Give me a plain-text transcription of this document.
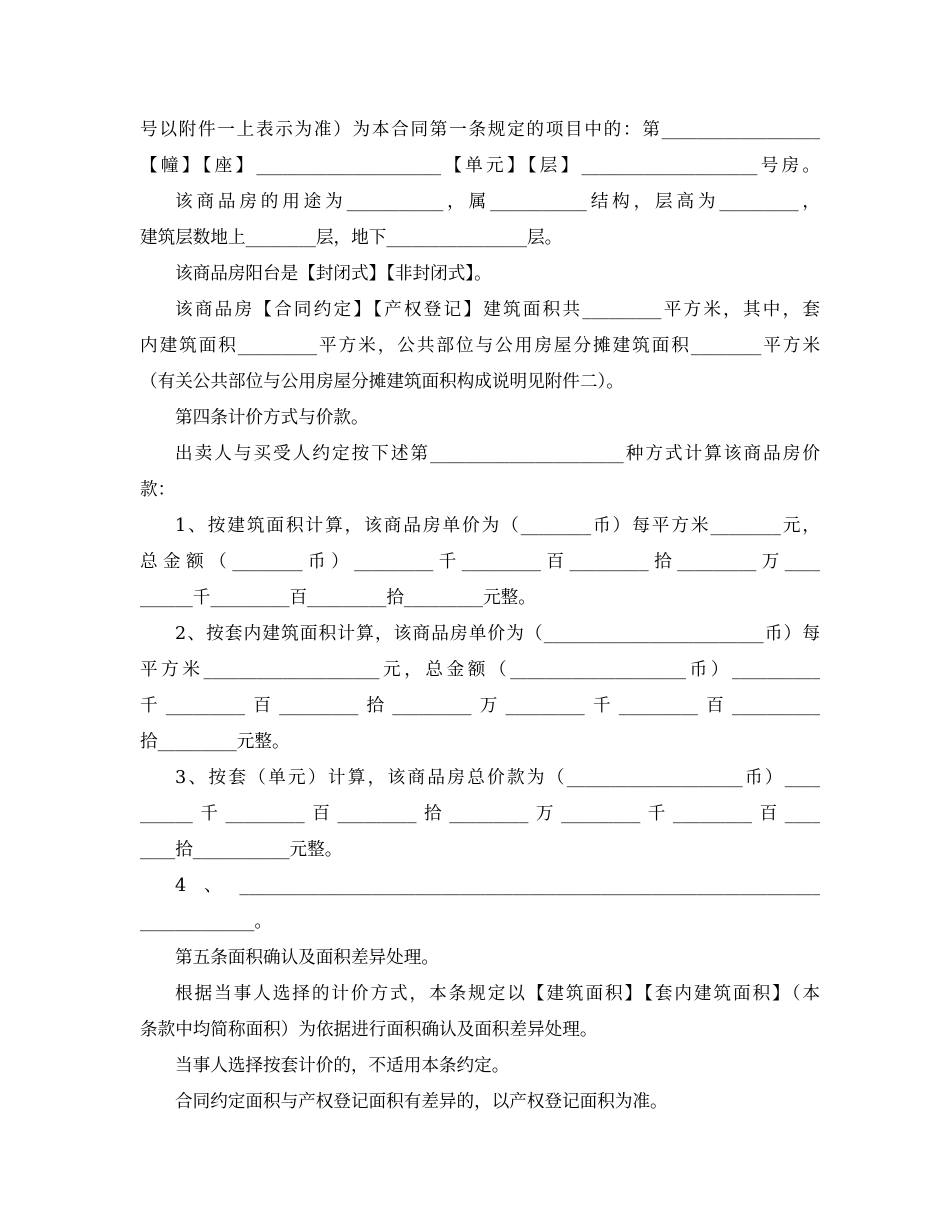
号以附件一上表示为准）为本合同第一条规定的项目中的：第__________________
【幢】【座】_____________________【单元】【层】____________________号房。
该商品房的用途为___________，属___________结构，层高为_________，
建筑层数地上________层，地下________________层。
该商品房阳台是【封闭式】【非封闭式】。
该商品房【合同约定】【产权登记】建筑面积共_________平方米，其中，套
内建筑面积_________平方米，公共部位与公用房屋分摊建筑面积________平方米
（有关公共部位与公用房屋分摊建筑面积构成说明见附件二）。
第四条计价方式与价款。
出卖人与买受人约定按下述第______________________种方式计算该商品房价
款：
1、按建筑面积计算，该商品房单价为（________币）每平方米________元，
总金额（________币）_________千_________百_________拾_________万____
______千_________百_________拾_________元整。
2、按套内建筑面积计算，该商品房单价为（_________________________币）每
平方米____________________元，总金额（____________________币）__________
千_________百_________拾_________万_________千_________百__________
拾_________元整。
3、按套（单元）计算，该商品房总价款为（____________________币）____
______千_________百_________拾_________万_________千_________百____
____拾___________元整。
4、__________________________________________________________________
_____________。
第五条面积确认及面积差异处理。
根据当事人选择的计价方式，本条规定以【建筑面积】【套内建筑面积】（本
条款中均简称面积）为依据进行面积确认及面积差异处理。
当事人选择按套计价的，不适用本条约定。
合同约定面积与产权登记面积有差异的，以产权登记面积为准。
